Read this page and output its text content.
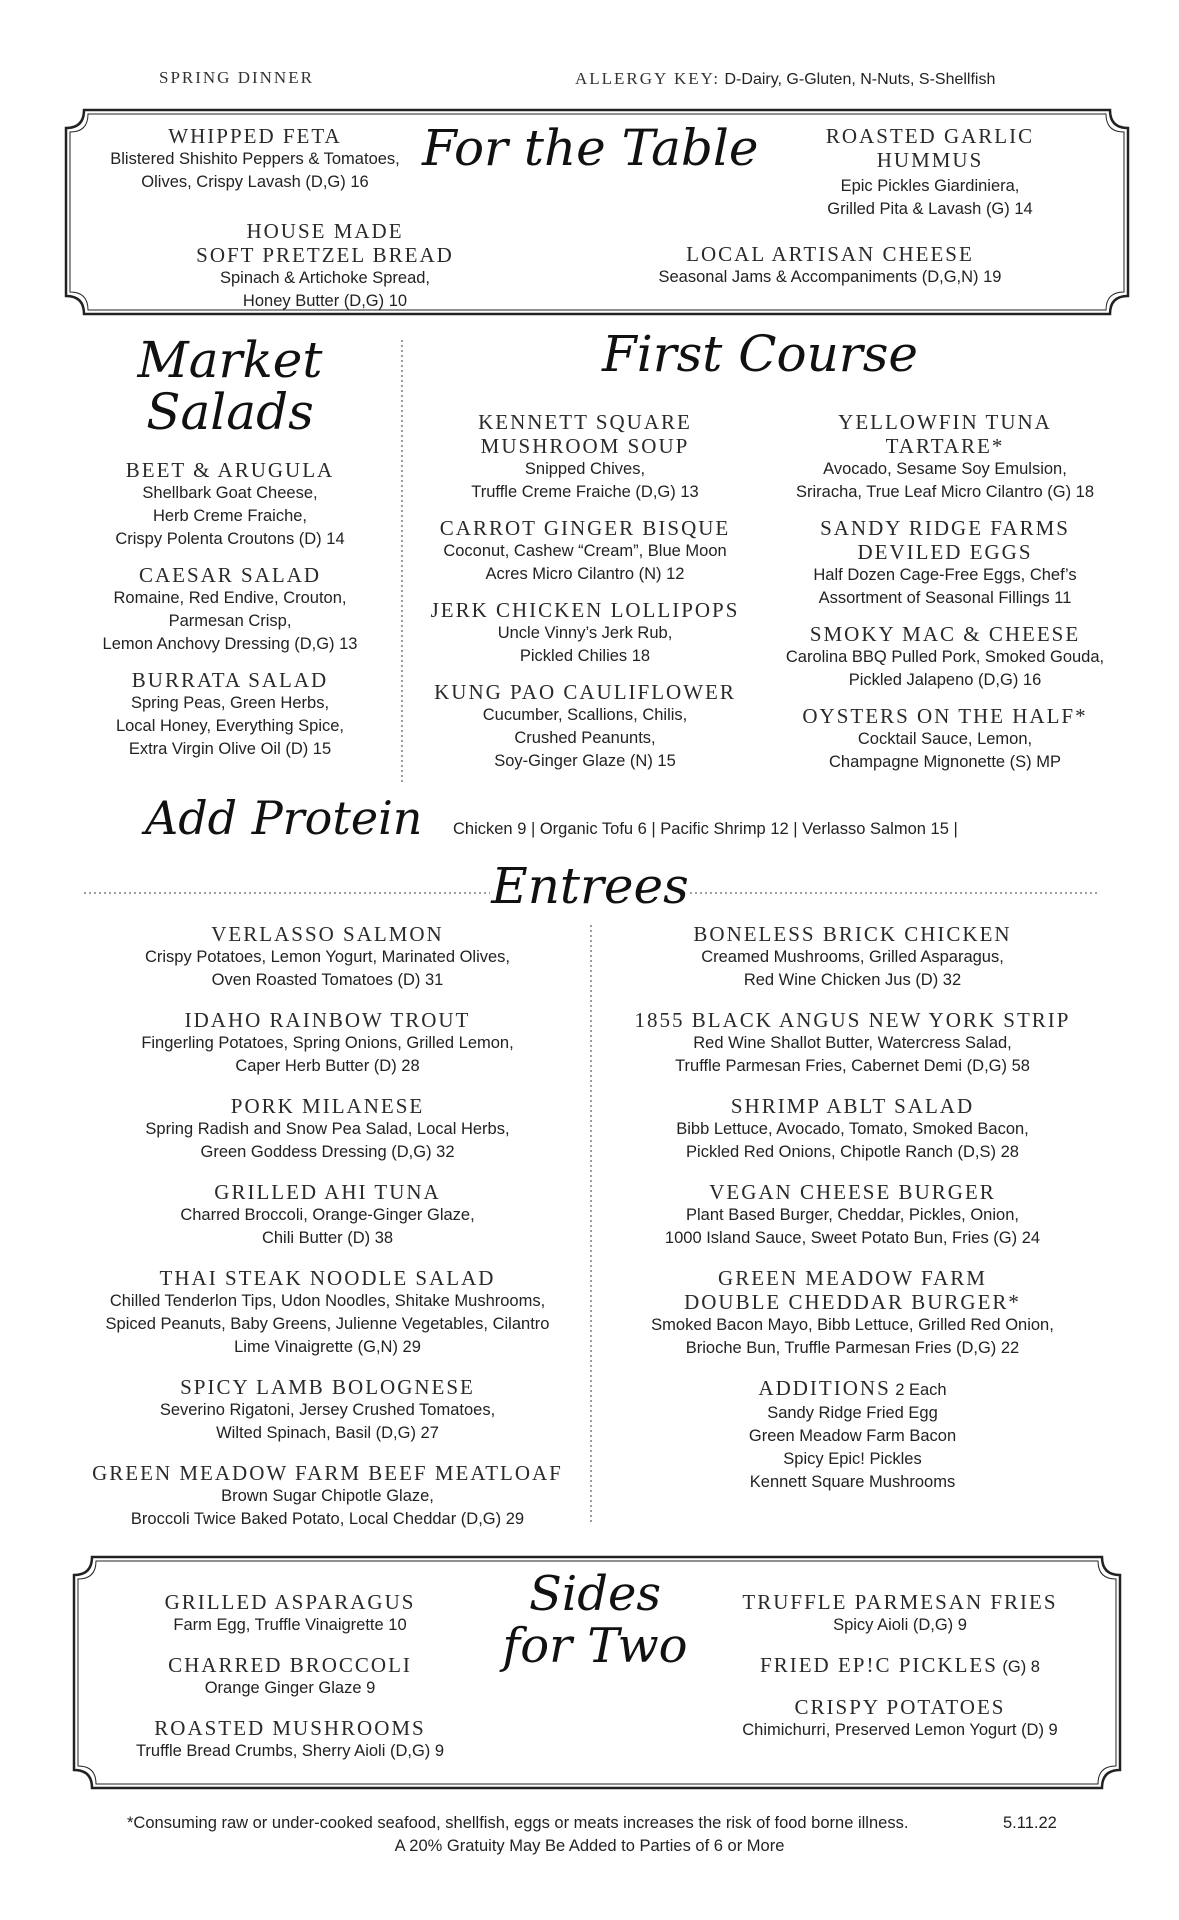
SPRING DINNER	ALLERGY KEY: D-Dairy, G-Gluten, N-Nuts, S-Shellfish
For the Table
WHIPPED FETA
Blistered Shishito Peppers & Tomatoes,
Olives, Crispy Lavash (D,G) 16
HOUSE MADE
SOFT PRETZEL BREAD
Spinach & Artichoke Spread,
Honey Butter (D,G) 10
ROASTED GARLIC
HUMMUS
Epic Pickles Giardiniera,
Grilled Pita & Lavash (G) 14
LOCAL ARTISAN CHEESE
Seasonal Jams & Accompaniments (D,G,N) 19
Market
Salads
BEET & ARUGULA
Shellbark Goat Cheese,
Herb Creme Fraiche,
Crispy Polenta Croutons (D) 14
CAESAR SALAD
Romaine, Red Endive, Crouton,
Parmesan Crisp,
Lemon Anchovy Dressing (D,G) 13
BURRATA SALAD
Spring Peas, Green Herbs,
Local Honey, Everything Spice,
Extra Virgin Olive Oil (D) 15
First Course
KENNETT SQUARE
MUSHROOM SOUP
Snipped Chives,
Truffle Creme Fraiche (D,G) 13
CARROT GINGER BISQUE
Coconut, Cashew “Cream”, Blue Moon
Acres Micro Cilantro (N) 12
JERK CHICKEN LOLLIPOPS
Uncle Vinny’s Jerk Rub,
Pickled Chilies 18
KUNG PAO CAULIFLOWER
Cucumber, Scallions, Chilis,
Crushed Peanunts,
Soy-Ginger Glaze (N) 15
YELLOWFIN TUNA
TARTARE*
Avocado, Sesame Soy Emulsion,
Sriracha, True Leaf Micro Cilantro (G) 18
SANDY RIDGE FARMS
DEVILED EGGS
Half Dozen Cage-Free Eggs, Chef’s
Assortment of Seasonal Fillings 11
SMOKY MAC & CHEESE
Carolina BBQ Pulled Pork, Smoked Gouda,
Pickled Jalapeno (D,G) 16
OYSTERS ON THE HALF*
Cocktail Sauce, Lemon,
Champagne Mignonette (S) MP
Add Protein Chicken 9 | Organic Tofu 6 | Pacific Shrimp 12 | Verlasso Salmon 15 |
Entrees
VERLASSO SALMON
Crispy Potatoes, Lemon Yogurt, Marinated Olives,
Oven Roasted Tomatoes (D) 31
IDAHO RAINBOW TROUT
Fingerling Potatoes, Spring Onions, Grilled Lemon,
Caper Herb Butter (D) 28
PORK MILANESE
Spring Radish and Snow Pea Salad, Local Herbs,
Green Goddess Dressing (D,G) 32
GRILLED AHI TUNA
Charred Broccoli, Orange-Ginger Glaze,
Chili Butter (D) 38
THAI STEAK NOODLE SALAD
Chilled Tenderlon Tips, Udon Noodles, Shitake Mushrooms,
Spiced Peanuts, Baby Greens, Julienne Vegetables, Cilantro
Lime Vinaigrette (G,N) 29
SPICY LAMB BOLOGNESE
Severino Rigatoni, Jersey Crushed Tomatoes,
Wilted Spinach, Basil (D,G) 27
GREEN MEADOW FARM BEEF MEATLOAF
Brown Sugar Chipotle Glaze,
Broccoli Twice Baked Potato, Local Cheddar (D,G) 29
BONELESS BRICK CHICKEN
Creamed Mushrooms, Grilled Asparagus,
Red Wine Chicken Jus (D) 32
1855 BLACK ANGUS NEW YORK STRIP
Red Wine Shallot Butter, Watercress Salad,
Truffle Parmesan Fries, Cabernet Demi (D,G) 58
SHRIMP ABLT SALAD
Bibb Lettuce, Avocado, Tomato, Smoked Bacon,
Pickled Red Onions, Chipotle Ranch (D,S) 28
VEGAN CHEESE BURGER
Plant Based Burger, Cheddar, Pickles, Onion,
1000 Island Sauce, Sweet Potato Bun, Fries (G) 24
GREEN MEADOW FARM
DOUBLE CHEDDAR BURGER*
Smoked Bacon Mayo, Bibb Lettuce, Grilled Red Onion,
Brioche Bun, Truffle Parmesan Fries (D,G) 22
ADDITIONS 2 Each
Sandy Ridge Fried Egg
Green Meadow Farm Bacon
Spicy Epic! Pickles
Kennett Square Mushrooms
Sides
for Two
GRILLED ASPARAGUS
Farm Egg, Truffle Vinaigrette 10
CHARRED BROCCOLI
Orange Ginger Glaze 9
ROASTED MUSHROOMS
Truffle Bread Crumbs, Sherry Aioli (D,G) 9
TRUFFLE PARMESAN FRIES
Spicy Aioli (D,G) 9
FRIED EP!C PICKLES (G) 8
CRISPY POTATOES
Chimichurri, Preserved Lemon Yogurt (D) 9
*Consuming raw or under-cooked seafood, shellfish, eggs or meats increases the risk of food borne illness.	5.11.22
A 20% Gratuity May Be Added to Parties of 6 or More
